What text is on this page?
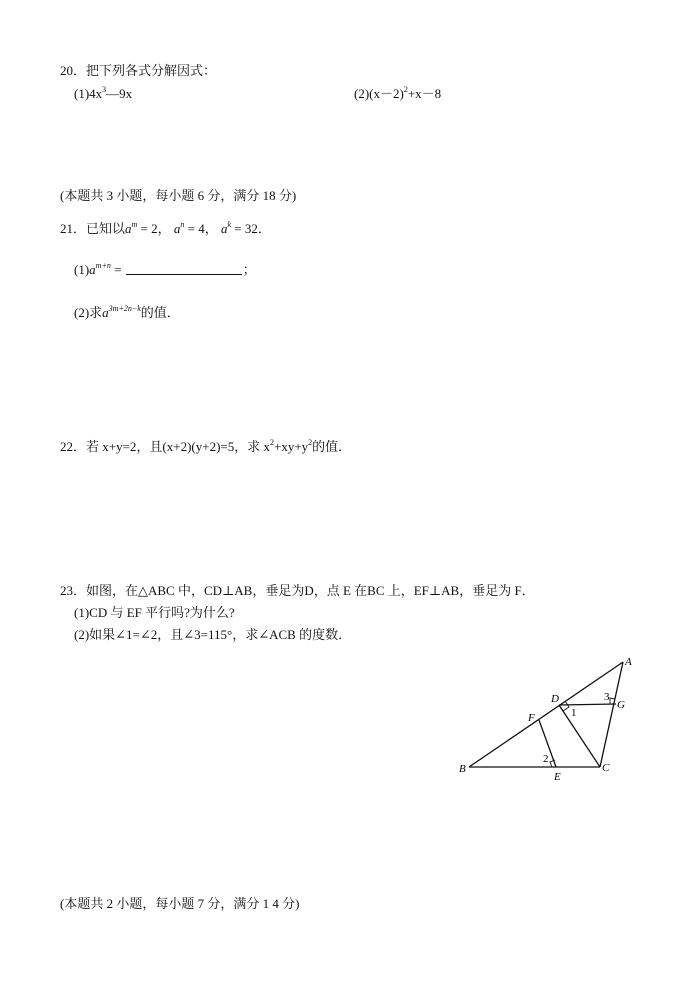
20．把下列各式分解因式：
$(1)4x^3—9x$	$(2)(x-2)^2+x-8$
(本题共 3 小题，每小题 6 分，满分 18 分)
21．已知以$a^m = 2$， $a^n = 4$， $a^k = 32$．
$(1)a^{m+n}$ =	；
(2)求$a^{3m+2n-k}$的值．
22．若 x+y=2，且(x+2)(y+2)=5，求 $x^2+xy+y^2$的值．
23．如图，在△ABC 中，CD⊥AB，垂足为D，点 E 在BC 上，EF⊥AB，垂足为 F．
(1)CD 与 EF 平行吗?为什么?
(2)如果∠1=∠2，且∠3=115°，求∠ACB 的度数．
A
B	C
D
E
F
G
1
2
3
(本题共 2 小题，每小题 7 分，满分 1 4 分)
